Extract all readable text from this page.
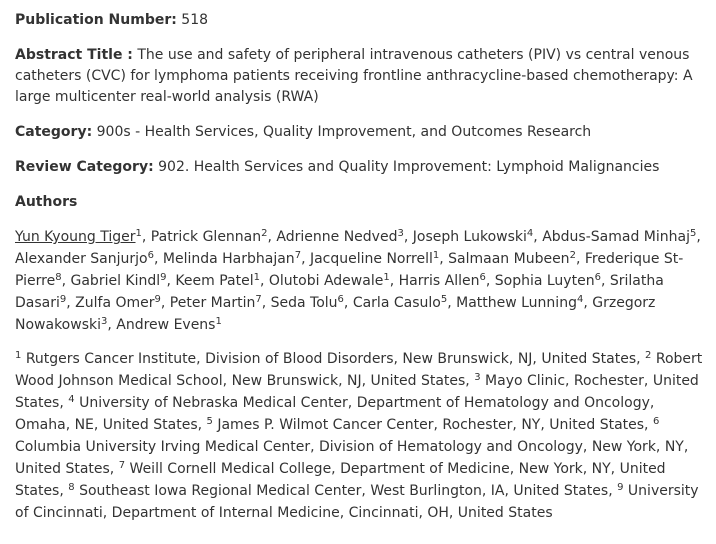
Publication Number: 518
Abstract Title : The use and safety of peripheral intravenous catheters (PIV) vs central venous catheters (CVC) for lymphoma patients receiving frontline anthracycline-based chemotherapy: A large multicenter real-world analysis (RWA)
Category: 900s - Health Services, Quality Improvement, and Outcomes Research
Review Category: 902. Health Services and Quality Improvement: Lymphoid Malignancies
Authors
Yun Kyoung Tiger$^1$, Patrick Glennan$^2$, Adrienne Nedved$^3$, Joseph Lukowski$^4$, Abdus-Samad Minhaj$^5$, Alexander Sanjurjo$^6$, Melinda Harbhajan$^7$, Jacqueline Norrell$^1$, Salmaan Mubeen$^2$, Frederique St-Pierre$^8$, Gabriel Kindl$^9$, Keem Patel$^1$, Olutobi Adewale$^1$, Harris Allen$^6$, Sophia Luyten$^6$, Srilatha Dasari$^9$, Zulfa Omer$^9$, Peter Martin$^7$, Seda Tolu$^6$, Carla Casulo$^5$, Matthew Lunning$^4$, Grzegorz Nowakowski$^3$, Andrew Evens$^1$
$^1$ Rutgers Cancer Institute, Division of Blood Disorders, New Brunswick, NJ, United States, $^2$ Robert Wood Johnson Medical School, New Brunswick, NJ, United States, $^3$ Mayo Clinic, Rochester, United States, $^4$ University of Nebraska Medical Center, Department of Hematology and Oncology, Omaha, NE, United States, $^5$ James P. Wilmot Cancer Center, Rochester, NY, United States, $^6$ Columbia University Irving Medical Center, Division of Hematology and Oncology, New York, NY, United States, $^7$ Weill Cornell Medical College, Department of Medicine, New York, NY, United States, $^8$ Southeast Iowa Regional Medical Center, West Burlington, IA, United States, $^9$ University of Cincinnati, Department of Internal Medicine, Cincinnati, OH, United States
